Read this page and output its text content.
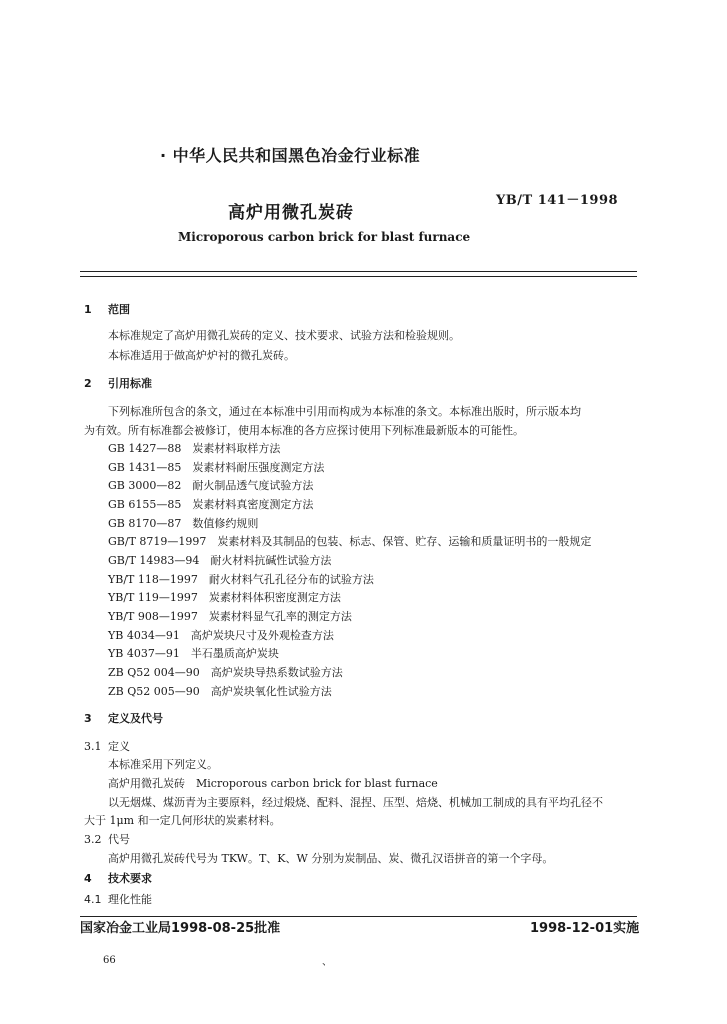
· 中华人民共和国黑色冶金行业标准
高炉用微孔炭砖
YB/T 141－1998
Microporous carbon brick for blast furnace
1 范围
本标准规定了高炉用微孔炭砖的定义、技术要求、试验方法和检验规则。
本标准适用于做高炉炉衬的微孔炭砖。
2 引用标准
下列标准所包含的条文，通过在本标准中引用而构成为本标准的条文。本标准出版时，所示版本均
为有效。所有标准都会被修订，使用本标准的各方应探讨使用下列标准最新版本的可能性。
GB 1427—88　炭素材料取样方法
GB 1431—85　炭素材料耐压强度测定方法
GB 3000—82　耐火制品透气度试验方法
GB 6155—85　炭素材料真密度测定方法
GB 8170—87　数值修约规则
GB/T 8719—1997　炭素材料及其制品的包装、标志、保管、贮存、运输和质量证明书的一般规定
GB/T 14983—94　耐火材料抗碱性试验方法
YB/T 118—1997　耐火材料气孔孔径分布的试验方法
YB/T 119—1997　炭素材料体积密度测定方法
YB/T 908—1997　炭素材料显气孔率的测定方法
YB 4034—91　高炉炭块尺寸及外观检查方法
YB 4037—91　半石墨质高炉炭块
ZB Q52 004—90　高炉炭块导热系数试验方法
ZB Q52 005—90　高炉炭块氧化性试验方法
3 定义及代号
3.1 定义
本标准采用下列定义。
高炉用微孔炭砖　Microporous carbon brick for blast furnace
以无烟煤、煤沥青为主要原料，经过煅烧、配料、混捏、压型、焙烧、机械加工制成的具有平均孔径不
大于 1μm 和一定几何形状的炭素材料。
3.2 代号
高炉用微孔炭砖代号为 TKW。T、K、W 分别为炭制品、炭、微孔汉语拼音的第一个字母。
4 技术要求
4.1 理化性能
国家冶金工业局1998-08-25批准	1998-12-01实施
66	、
